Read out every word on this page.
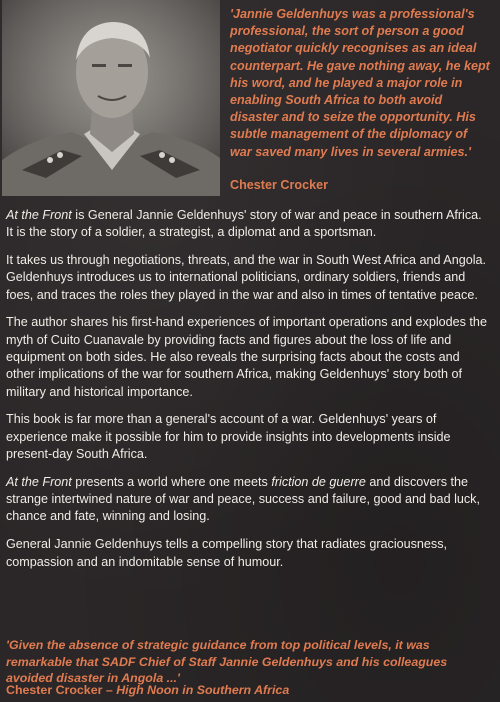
'Jannie Geldenhuys was a professional's professional, the sort of person a good negotiator quickly recognises as an ideal counterpart. He gave nothing away, he kept his word, and he played a major role in enabling South Africa to both avoid disaster and to seize the opportunity. His subtle management of the diplomacy of war saved many lives in several armies.'

Chester Crocker

At the Front is General Jannie Geldenhuys' story of war and peace in southern Africa. It is the story of a soldier, a strategist, a diplomat and a sportsman.

It takes us through negotiations, threats, and the war in South West Africa and Angola. Geldenhuys introduces us to international politicians, ordinary soldiers, friends and foes, and traces the roles they played in the war and also in times of tentative peace.

The author shares his first-hand experiences of important operations and explodes the myth of Cuito Cuanavale by providing facts and figures about the loss of life and equipment on both sides. He also reveals the surprising facts about the costs and other implications of the war for southern Africa, making Geldenhuys' story both of military and historical importance.

This book is far more than a general's account of a war. Geldenhuys' years of experience make it possible for him to provide insights into developments inside present-day South Africa.

At the Front presents a world where one meets friction de guerre and discovers the strange intertwined nature of war and peace, success and failure, good and bad luck, chance and fate, winning and losing.

General Jannie Geldenhuys tells a compelling story that radiates graciousness, compassion and an indomitable sense of humour.

'Given the absence of strategic guidance from top political levels, it was remarkable that SADF Chief of Staff Jannie Geldenhuys and his colleagues avoided disaster in Angola ...'

Chester Crocker – High Noon in Southern Africa
